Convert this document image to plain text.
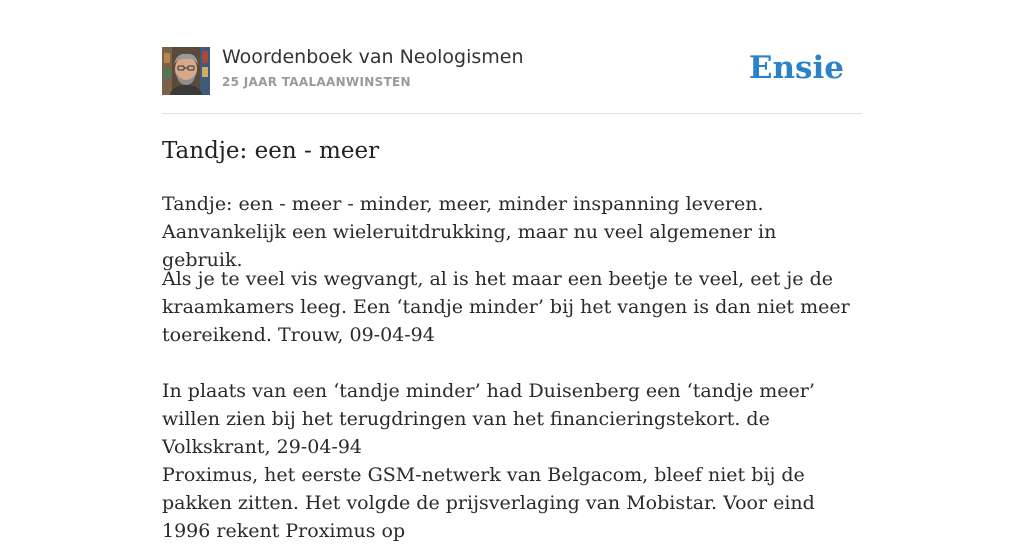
Woordenboek van Neologismen
25 JAAR TAALAANWINSTEN	Ensie
Tandje: een - meer

Tandje: een - meer - minder, meer, minder inspanning leveren. Aanvankelijk een wieleruitdrukking, maar nu veel algemener in gebruik.

Als je te veel vis wegvangt, al is het maar een beetje te veel, eet je de kraamkamers leeg. Een ‘tandje minder’ bij het vangen is dan niet meer toereikend. Trouw, 09-04-94

In plaats van een ‘tandje minder’ had Duisenberg een ‘tandje meer’ willen zien bij het terugdringen van het financieringstekort. de Volkskrant, 29-04-94

Proximus, het eerste GSM-netwerk van Belgacom, bleef niet bij de pakken zitten. Het volgde de prijsverlaging van Mobistar. Voor eind 1996 rekent Proximus op
